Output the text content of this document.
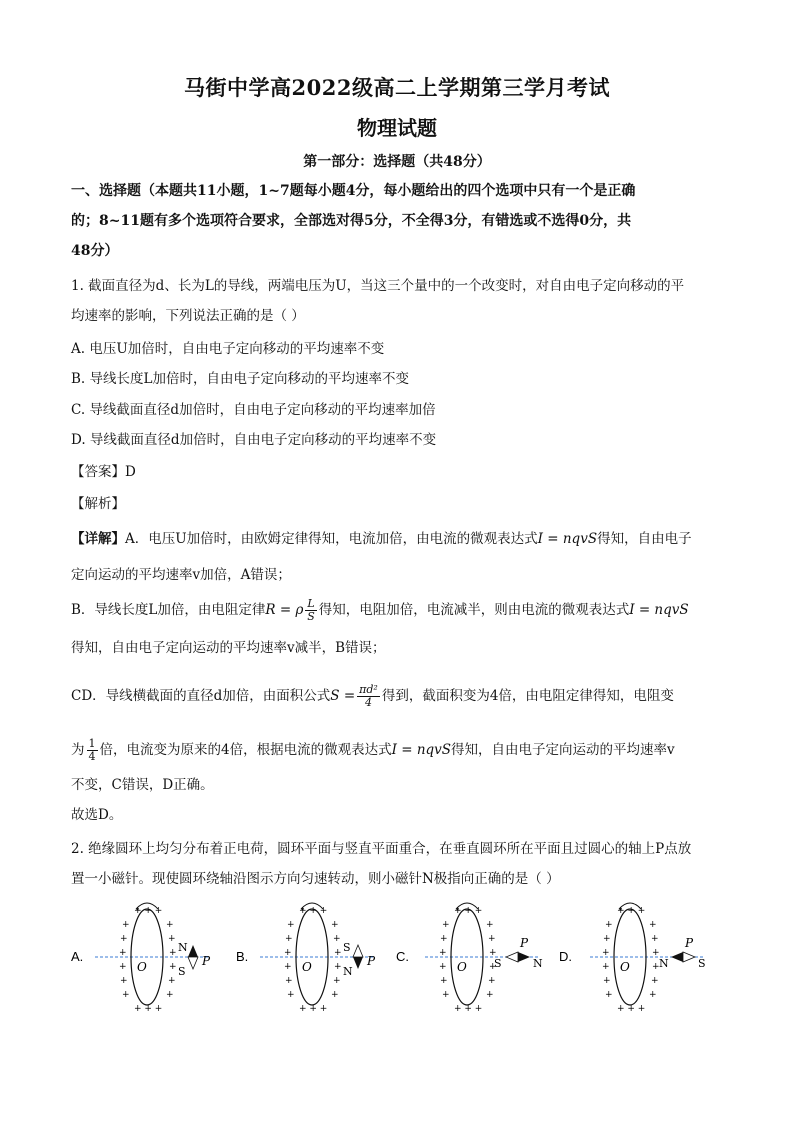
马街中学高2022级高二上学期第三学月考试
物理试题
第一部分：选择题（共48分）
一、选择题（本题共11小题，1~7题每小题4分，每小题给出的四个选项中只有一个是正确
的；8~11题有多个选项符合要求，全部选对得5分，不全得3分，有错选或不选得0分，共
48分）
1. 截面直径为d、长为L的导线，两端电压为U，当这三个量中的一个改变时，对自由电子定向移动的平
均速率的影响，下列说法正确的是（ ）
A. 电压U加倍时，自由电子定向移动的平均速率不变
B. 导线长度L加倍时，自由电子定向移动的平均速率不变
C. 导线截面直径d加倍时，自由电子定向移动的平均速率加倍
D. 导线截面直径d加倍时，自由电子定向移动的平均速率不变
【答案】D
【解析】
【详解】A．电压U加倍时，由欧姆定律得知，电流加倍，由电流的微观表达式I = nqvS得知，自由电子
定向运动的平均速率v加倍，A错误；
B．导线长度L加倍，由电阻定律R = ρ $\frac{L}{S}$ 得知，电阻加倍，电流减半，则由电流的微观表达式I = nqvS
得知，自由电子定向运动的平均速率v减半，B错误；
CD．导线横截面的直径d加倍，由面积公式$S = \frac{\text{πd²}}{4}$ 得到，截面积变为4倍，由电阻定律得知，电阻变
为 $\frac{1}{4}$ 倍，电流变为原来的4倍，根据电流的微观表达式I = nqvS得知，自由电子定向运动的平均速率v
不变，C错误，D正确。
故选D。
2. 绝缘圆环上均匀分布着正电荷，圆环平面与竖直平面重合，在垂直圆环所在平面且过圆心的轴上P点放
置一小磁针。现使圆环绕轴沿图示方向匀速转动，则小磁针N极指向正确的是（ ）
A.
+ + +
+	+
+	+
+	+
+	+
+	+
+	+
+ + +
O
N
S
P B.
+ + +
+	+
+	+
+	+
+	+
+	+
+	+
+ + +
O
S
N
P C.
+ + +
+	+
+	+
+	+
+	+
+	+
+	+
+ + +
O S	N
P
D.
+ + +
+	+
+	+
+	+
+	+
+	+
+	+
+ + +
O	N	S
P
